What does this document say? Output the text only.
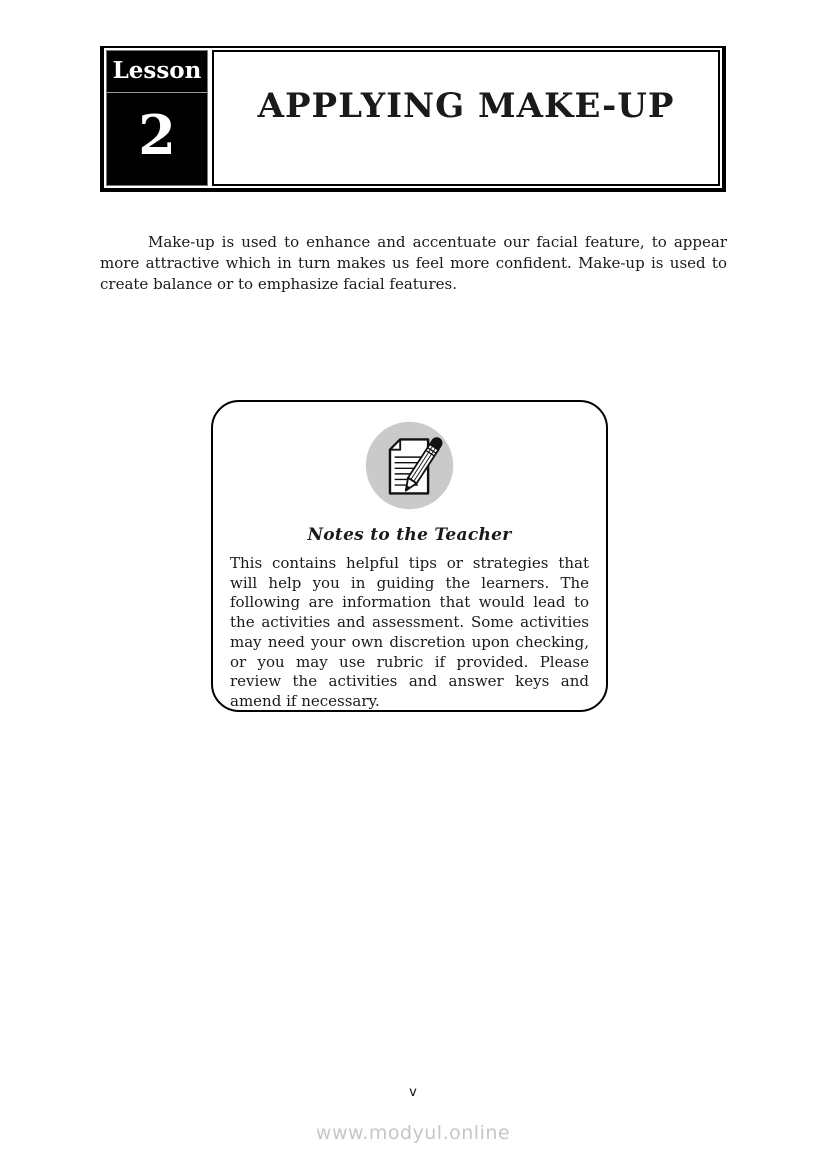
Lesson
2	APPLYING MAKE-UP

Make-up is used to enhance and accentuate our facial feature, to appear more attractive which in turn makes us feel more confident. Make-up is used to create balance or to emphasize facial features.

Notes to the Teacher

This contains helpful tips or strategies that will help you in guiding the learners. The following are information that would lead to the activities and assessment. Some activities may need your own discretion upon checking, or you may use rubric if provided. Please review the activities and answer keys and amend if necessary.

v
www.modyul.online
